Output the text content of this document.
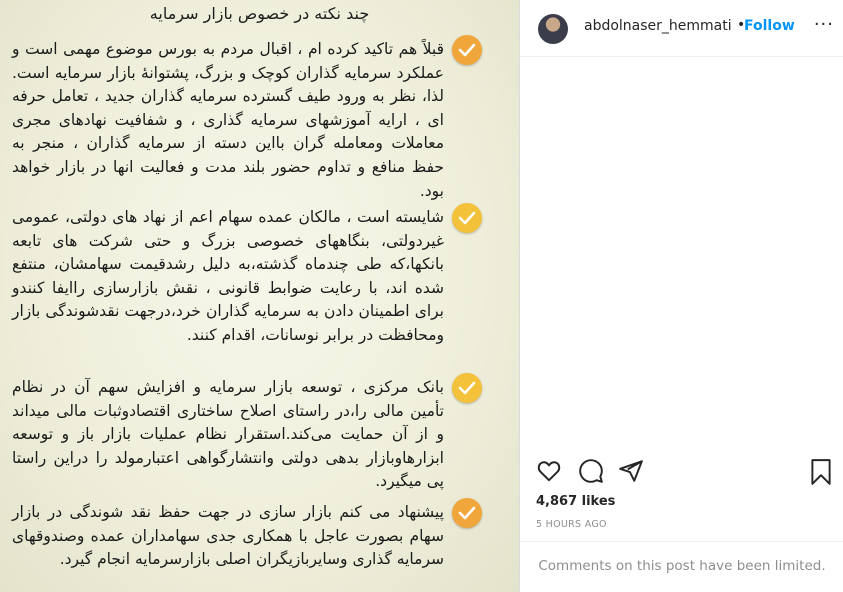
چند نکته در خصوص بازار سرمایه
قبلاً هم تاکید کرده ام ، اقبال مردم به بورس موضوع مهمی است و عملکرد سرمایه گذاران کوچک و بزرگ، پشتوانۀ بازار سرمایه است. لذا، نظر به ورود طیف گسترده سرمایه گذاران جدید ، تعامل حرفه ای ، ارایه آموزشهای سرمایه گذاری ، و شفافیت نهادهای مجری معاملات ومعامله گران بااین دسته از سرمایه گذاران ، منجر به حفظ منافع و تداوم حضور بلند مدت و فعالیت انها در بازار خواهد بود.
شایسته است ، مالکان عمده سهام اعم از نهاد های دولتی، عمومی غیردولتی، بنگاههای خصوصی بزرگ و حتی شرکت های تابعه بانکها،که طی چندماه گذشته،به دلیل رشدقیمت سهامشان، منتفع شده اند، با رعایت ضوابط قانونی ، نقش بازارسازی راایفا کنندو برای اطمینان دادن به سرمایه گذاران خرد،درجهت نقدشوندگی بازار ومحافظت در برابر نوسانات، اقدام کنند.
بانک مرکزی ، توسعه بازار سرمایه و افزایش سهم آن در نظام تأمین مالی را،در راستای اصلاح ساختاری اقتصادوثبات مالی میداند و از آن حمایت می‌کند.استقرار نظام عملیات بازار باز و توسعه ابزارهاوبازار بدهی دولتی وانتشارگواهی اعتبارمولد را دراین راستا پی میگیرد.
پیشنهاد می کنم بازار سازی در جهت حفظ نقد شوندگی در بازار سهام بصورت عاجل با همکاری جدی سهامداران عمده وصندوقهای سرمایه گذاری وسایربازیگران اصلی بازارسرمایه انجام گیرد.
abdolnaser_hemmati •
Follow ···
4,867 likes
5 HOURS AGO
Comments on this post have been limited.
